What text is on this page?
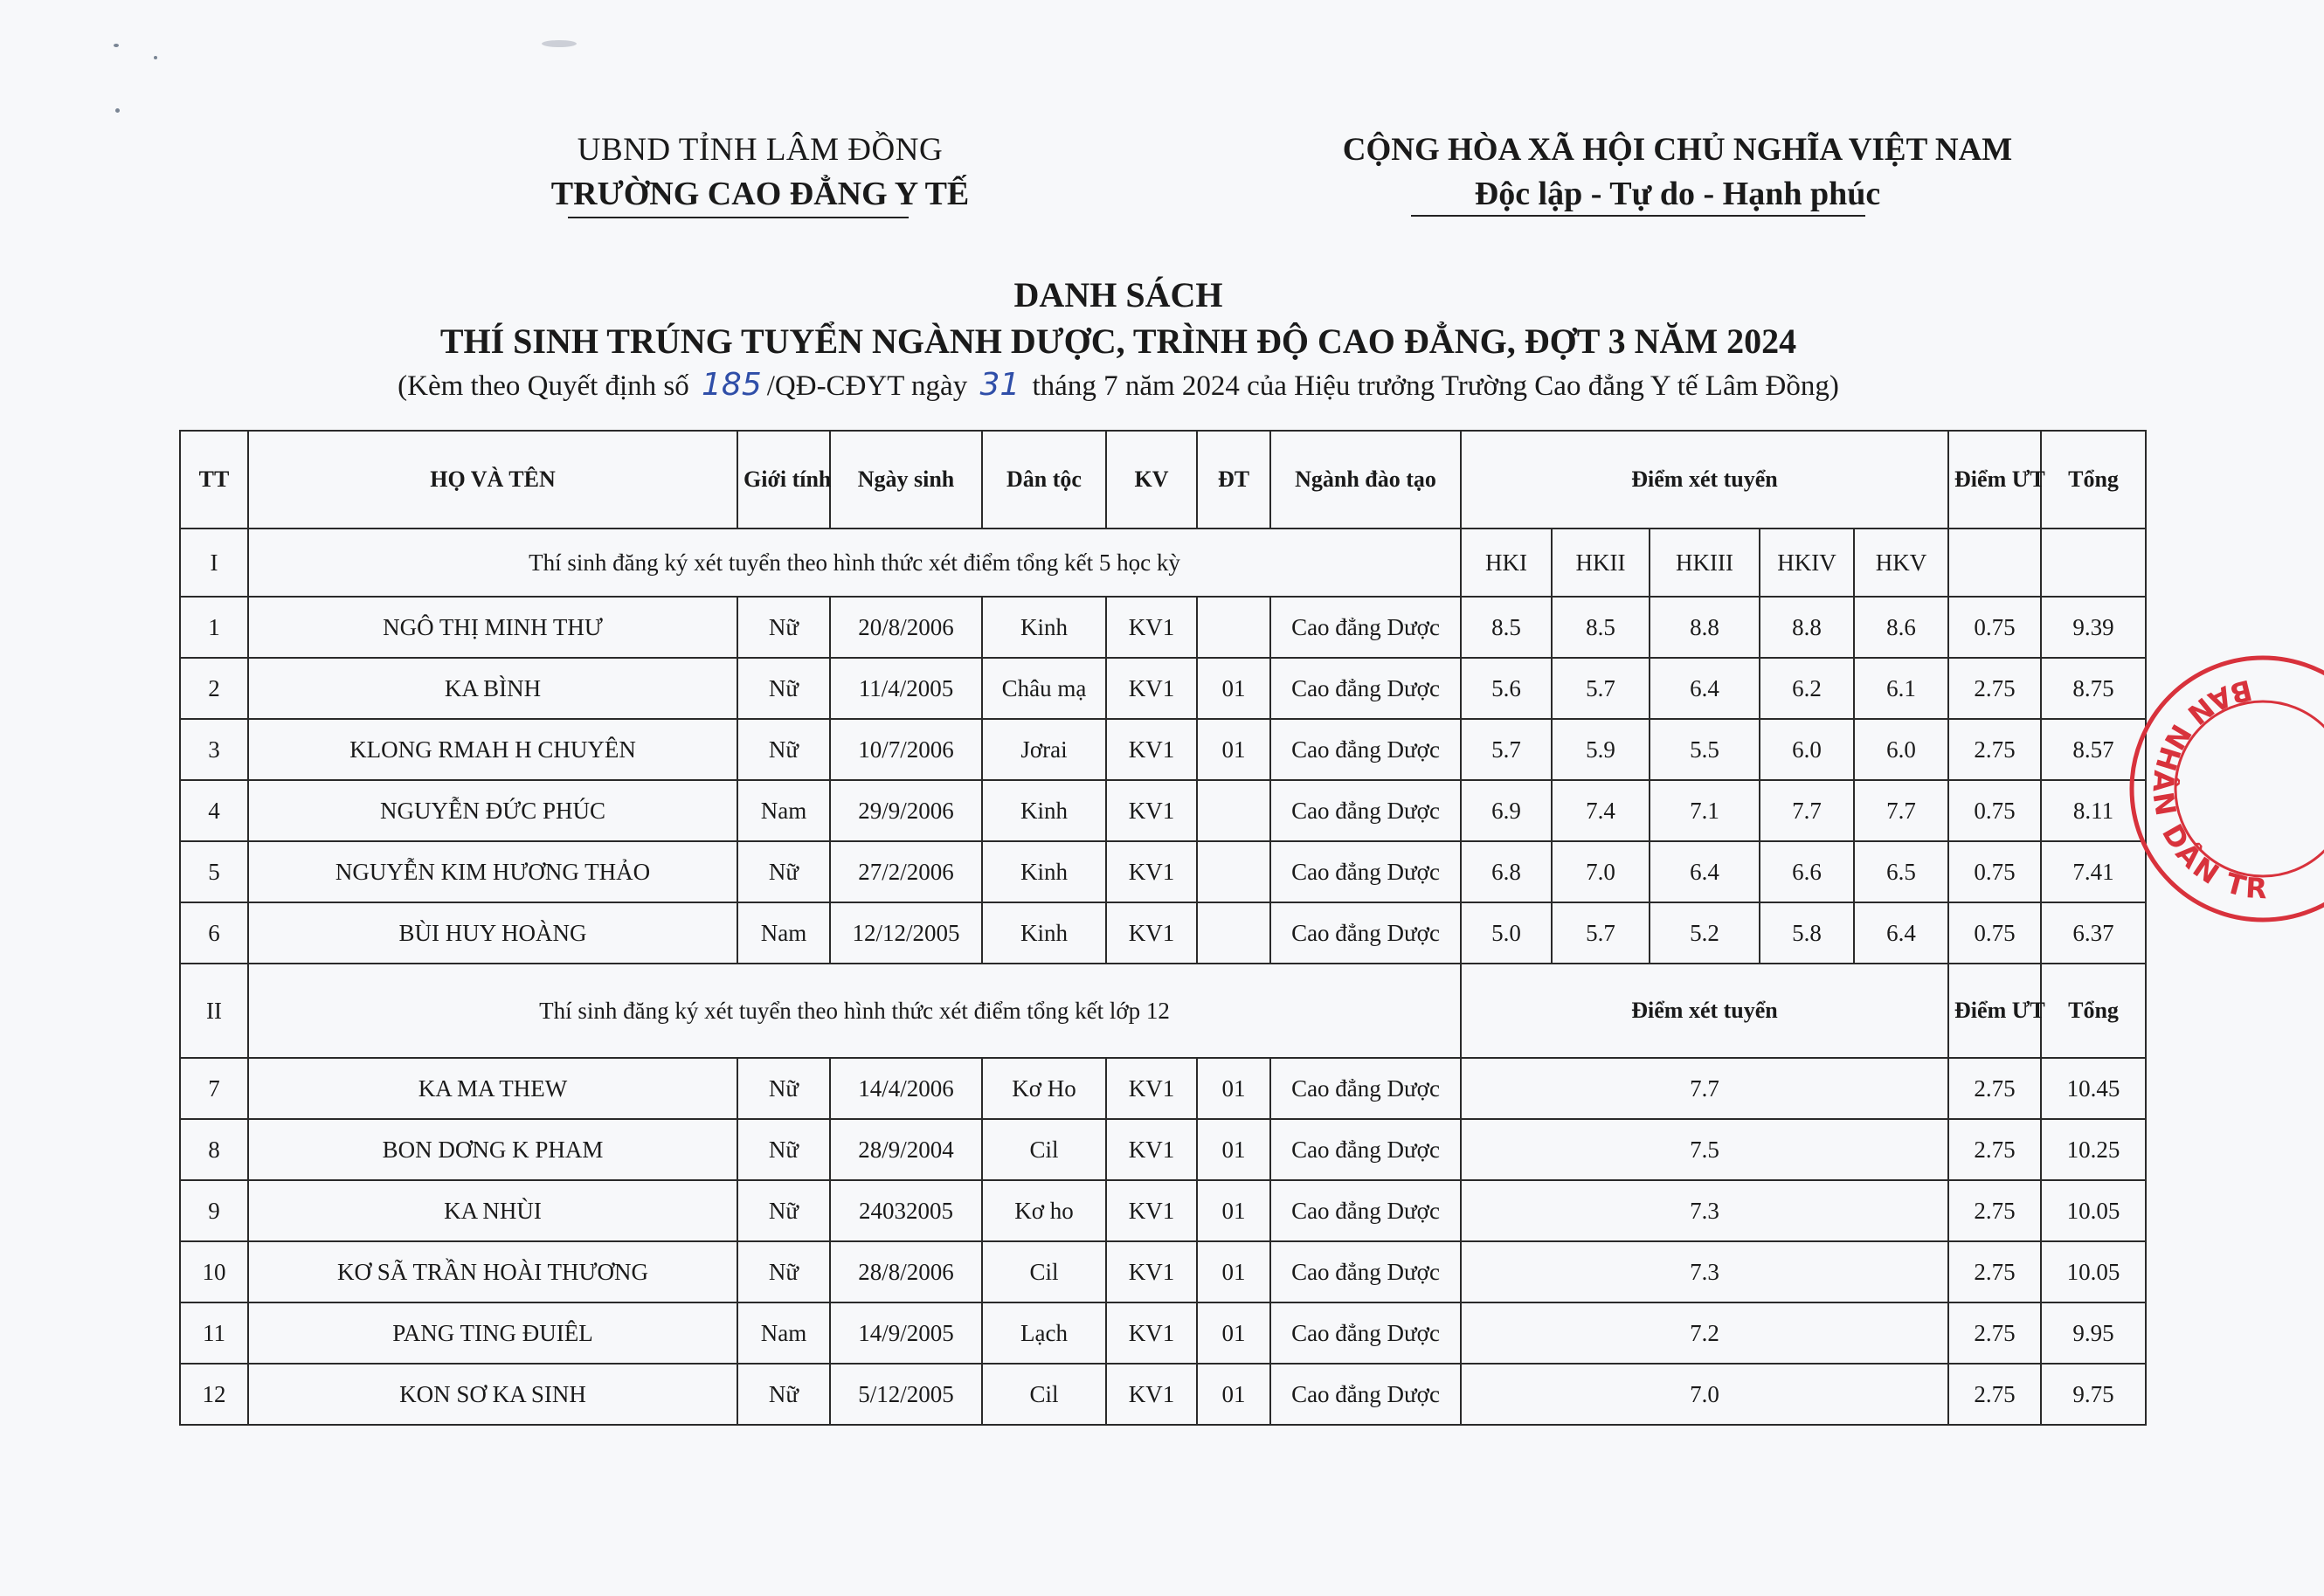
UBND TỈNH LÂM ĐỒNG
TRƯỜNG CAO ĐẲNG Y TẾ
CỘNG HÒA XÃ HỘI CHỦ NGHĨA VIỆT NAM
Độc lập - Tự do - Hạnh phúc
DANH SÁCH
THÍ SINH TRÚNG TUYỂN NGÀNH DƯỢC, TRÌNH ĐỘ CAO ĐẲNG, ĐỢT 3 NĂM 2024
(Kèm theo Quyết định số 185 /QĐ-CĐYT ngày 31 tháng 7 năm 2024 của Hiệu trưởng Trường Cao đẳng Y tế Lâm Đồng)
TT	HỌ VÀ TÊN	Giới tính	Ngày sinh	Dân tộc	KV	ĐT	Ngành đào tạo	Điểm xét tuyển					Điểm ƯT	Tổng
I	Thí sinh đăng ký xét tuyển theo hình thức xét điểm tổng kết 5 học kỳ							HKI	HKII	HKIII	HKIV	HKV		
1	NGÔ THỊ MINH THƯ	Nữ	20/8/2006	Kinh	KV1		Cao đẳng Dược	8.5	8.5	8.8	8.8	8.6	0.75	9.39
2	KA BÌNH	Nữ	11/4/2005	Châu mạ	KV1	01	Cao đẳng Dược	5.6	5.7	6.4	6.2	6.1	2.75	8.75
3	KLONG RMAH H CHUYÊN	Nữ	10/7/2006	Jơrai	KV1	01	Cao đẳng Dược	5.7	5.9	5.5	6.0	6.0	2.75	8.57
4	NGUYỄN ĐỨC PHÚC	Nam	29/9/2006	Kinh	KV1		Cao đẳng Dược	6.9	7.4	7.1	7.7	7.7	0.75	8.11
5	NGUYỄN KIM HƯƠNG THẢO	Nữ	27/2/2006	Kinh	KV1		Cao đẳng Dược	6.8	7.0	6.4	6.6	6.5	0.75	7.41
6	BÙI HUY HOÀNG	Nam	12/12/2005	Kinh	KV1		Cao đẳng Dược	5.0	5.7	5.2	5.8	6.4	0.75	6.37
II	Thí sinh đăng ký xét tuyển theo hình thức xét điểm tổng kết lớp 12							Điểm xét tuyển					Điểm ƯT	Tổng
7	KA MA THEW	Nữ	14/4/2006	Kơ Ho	KV1	01	Cao đẳng Dược	7.7					2.75	10.45
8	BON DƠNG K PHAM	Nữ	28/9/2004	Cil	KV1	01	Cao đẳng Dược	7.5					2.75	10.25
9	KA NHÙI	Nữ	24032005	Kơ ho	KV1	01	Cao đẳng Dược	7.3					2.75	10.05
10	KƠ SÃ TRẦN HOÀI THƯƠNG	Nữ	28/8/2006	Cil	KV1	01	Cao đẳng Dược	7.3					2.75	10.05
11	PANG TING ĐUIÊL	Nam	14/9/2005	Lạch	KV1	01	Cao đẳng Dược	7.2					2.75	9.95
12	KON SƠ KA SINH	Nữ	5/12/2005	Cil	KV1	01	Cao đẳng Dược	7.0					2.75	9.75
BAN NHÂN DÂN TRƯỜNG CA
